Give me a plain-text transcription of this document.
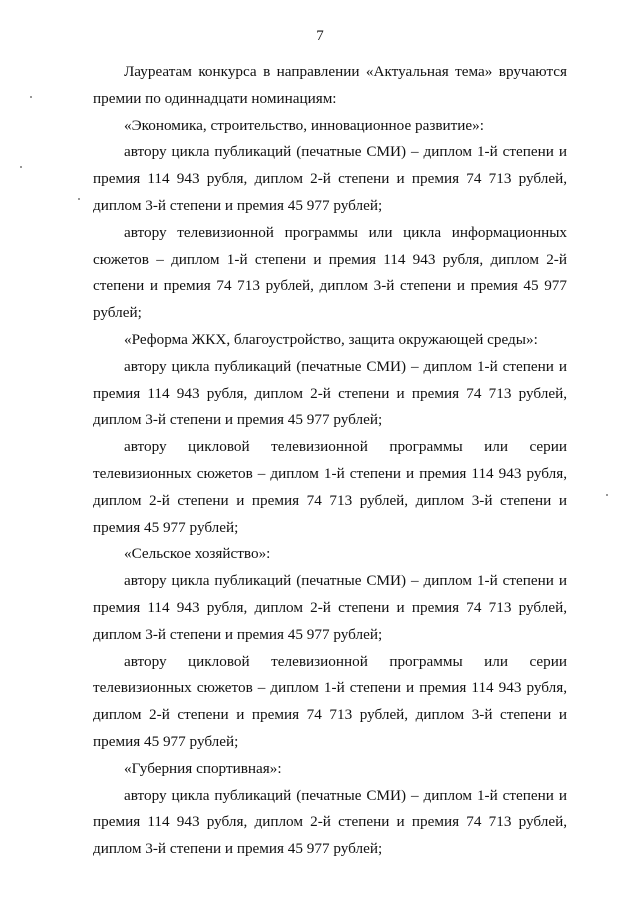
7

Лауреатам конкурса в направлении «Актуальная тема» вручаются премии по одиннадцати номинациям:

«Экономика, строительство, инновационное развитие»:

автору цикла публикаций (печатные СМИ) – диплом 1-й степени и премия 114 943 рубля, диплом 2-й степени и премия 74 713 рублей, диплом 3-й степени и премия 45 977 рублей;

автору телевизионной программы или цикла информационных сюжетов – диплом 1-й степени и премия 114 943 рубля, диплом 2-й степени и премия 74 713 рублей, диплом 3-й степени и премия 45 977 рублей;

«Реформа ЖКХ, благоустройство, защита окружающей среды»:

автору цикла публикаций (печатные СМИ) – диплом 1-й степени и премия 114 943 рубля, диплом 2-й степени и премия 74 713 рублей, диплом 3-й степени и премия 45 977 рублей;

автору цикловой телевизионной программы или серии телевизионных сюжетов – диплом 1-й степени и премия 114 943 рубля, диплом 2-й степени и премия 74 713 рублей, диплом 3-й степени и премия 45 977 рублей;

«Сельское хозяйство»:

автору цикла публикаций (печатные СМИ) – диплом 1-й степени и премия 114 943 рубля, диплом 2-й степени и премия 74 713 рублей, диплом 3-й степени и премия 45 977 рублей;

автору цикловой телевизионной программы или серии телевизионных сюжетов – диплом 1-й степени и премия 114 943 рубля, диплом 2-й степени и премия 74 713 рублей, диплом 3-й степени и премия 45 977 рублей;

«Губерния спортивная»:

автору цикла публикаций (печатные СМИ) – диплом 1-й степени и премия 114 943 рубля, диплом 2-й степени и премия 74 713 рублей, диплом 3-й степени и премия 45 977 рублей;
